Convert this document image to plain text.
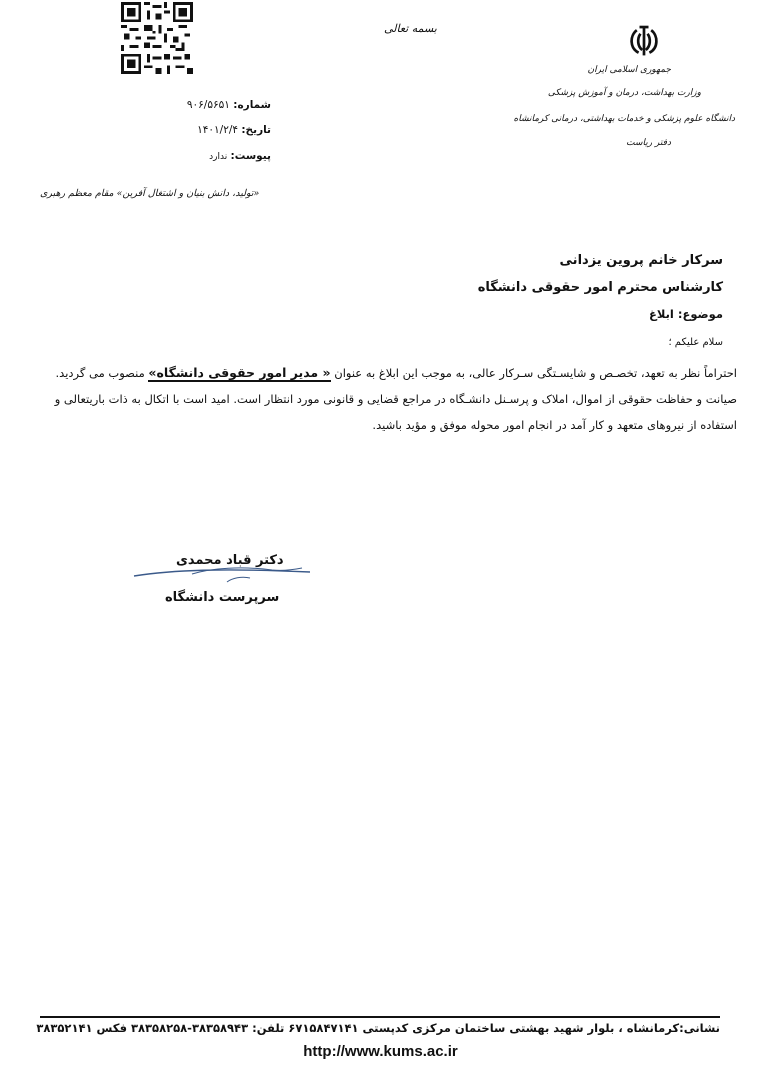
بسمه تعالی
شماره: ۹۰۶/۵۶۵۱
تاریخ: ۱۴۰۱/۲/۴
پیوست: ندارد
جمهوری اسلامی ایران
وزارت بهداشت، درمان و آموزش پزشکی
دانشگاه علوم پزشکی و خدمات بهداشتی، درمانی کرمانشاه
دفتر ریاست
«تولید، دانش بنیان و اشتغال آفرین» مقام معظم رهبری
سرکار خانم پروین یزدانی
کارشناس محترم امور حقوقی دانشگاه
موضوع: ابلاغ
سلام علیکم ؛

احتراماً نظر به تعهد، تخصـص و شایسـتگی سـرکار عالی، به موجب این ابلاغ به عنوان « مدیر امور حقوقی دانشگاه» منصوب می گردید. صیانت و حفاظت حقوقی از اموال، املاک و پرسـنل دانشـگاه در مراجع قضایی و قانونی مورد انتظار است. امید است با اتکال به ذات باریتعالی و استفاده از نیروهای متعهد و کار آمد در انجام امور محوله موفق و مؤید باشید.

دکتر قباد محمدی
سرپرست دانشگاه
نشانی:کرمانشاه ، بلوار شهید بهشتی ساختمان مرکزی کدپستی ۶۷۱۵۸۴۷۱۴۱ تلفن: ۳۸۳۵۸۹۴۳-۳۸۳۵۸۲۵۸ فکس ۳۸۳۵۲۱۴۱
http://www.kums.ac.ir
